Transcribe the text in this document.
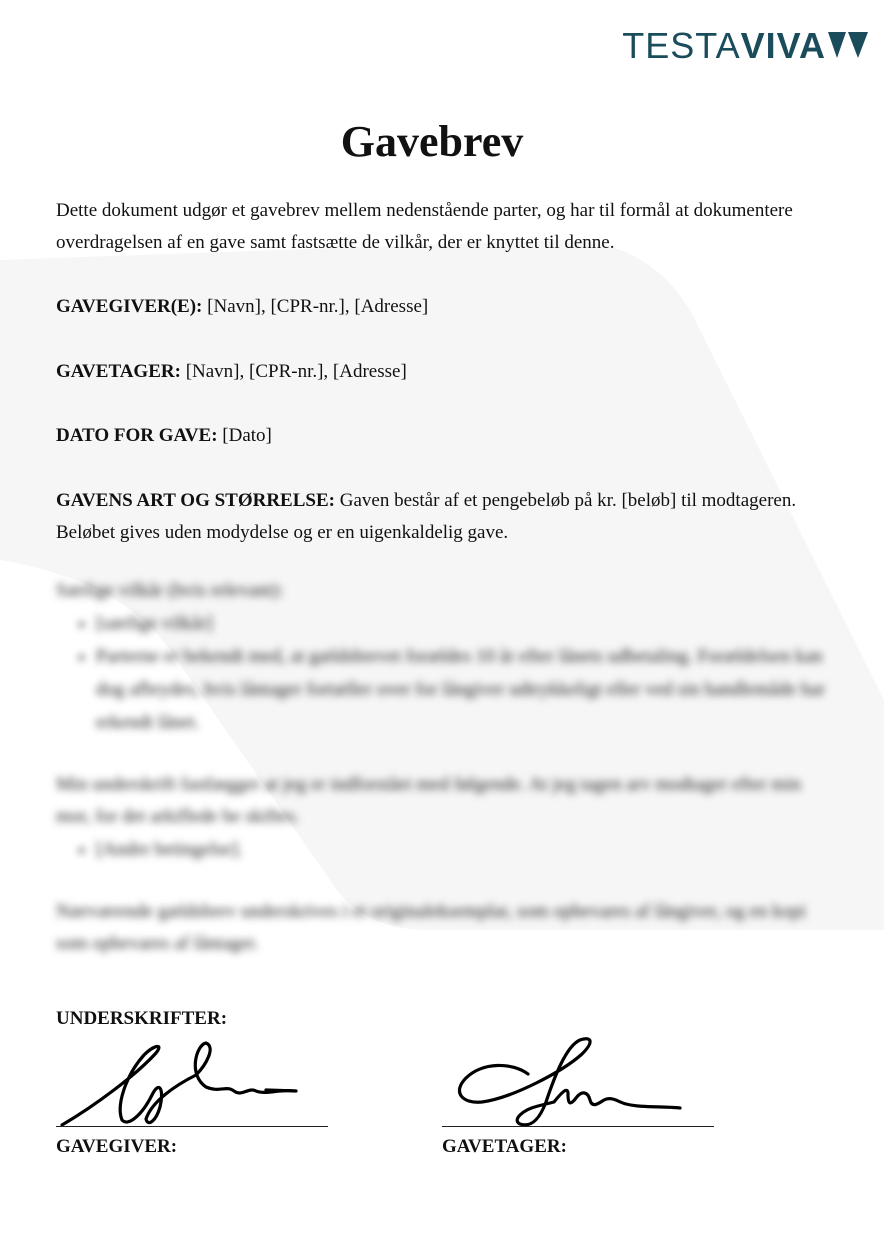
TESTAVIVA
Gavebrev

Dette dokument udgør et gavebrev mellem nedenstående parter, og har til formål at dokumentere overdragelsen af en gave samt fastsætte de vilkår, der er knyttet til denne.

GAVEGIVER(E): [Navn], [CPR-nr.], [Adresse]

GAVETAGER: [Navn], [CPR-nr.], [Adresse]

DATO FOR GAVE: [Dato]

GAVENS ART OG STØRRELSE: Gaven består af et pengebeløb på kr. [beløb] til modtageren. Beløbet gives uden modydelse og er en uigenkaldelig gave.

Særlige vilkår (hvis relevant):
• [særlige vilkår]
• Parterne er bekendt med, at gældsbrevet forældes 10 år efter lånets udbetaling. Forældelsen kan dog afbrydes, hvis låntager fortæller over for långiver udtrykkeligt eller ved sin handlemåde har erkendt lånet.
Min underskrift fastlægger at jeg er indforstået med følgende. At jeg tagen arv modtager efter min mor, for det arkiflede be skiftes.
• [Andre betingelse].
Nærværende gældsbrev underskrives i et originaleksemplar, som opbevares af långiver, og en kopi som opbevares af låntager.
UNDERSKRIFTER:
GAVEGIVER:	GAVETAGER:
